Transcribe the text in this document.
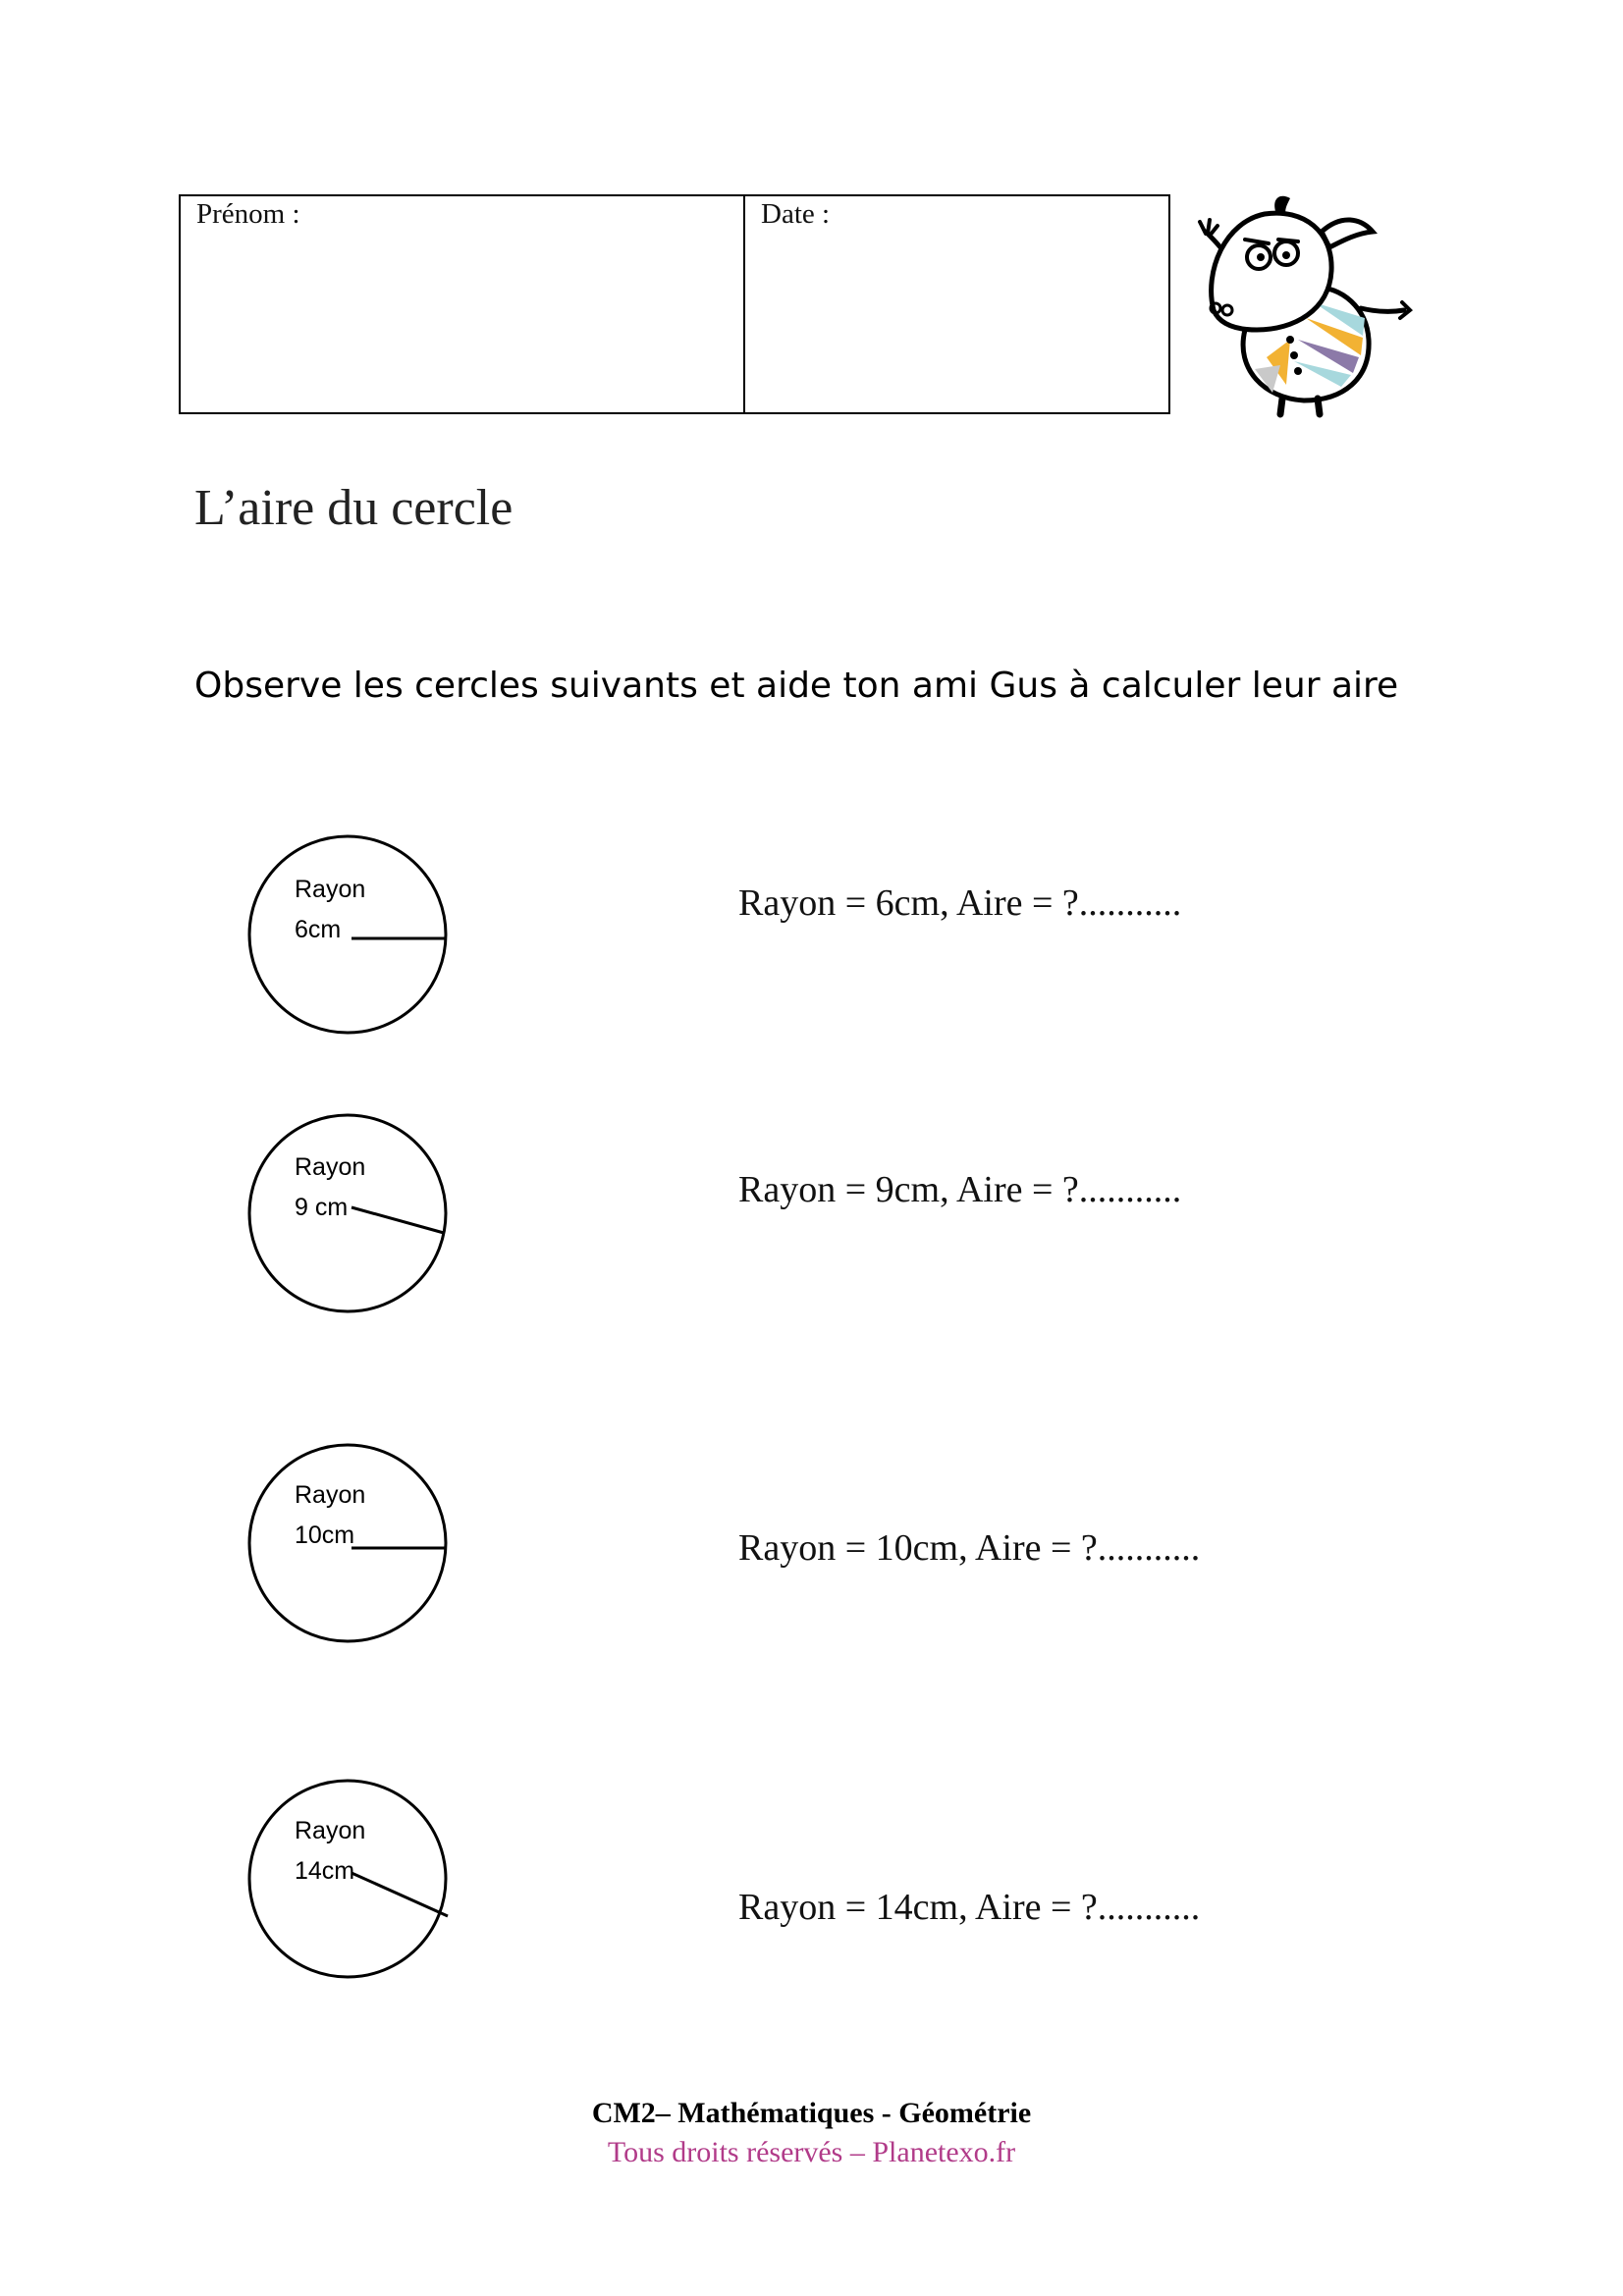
Prénom :	Date :
L’aire du cercle
Observe les cercles suivants et aide ton ami Gus à calculer leur aire
Rayon
6cm
Rayon = 6cm, Aire = ?...........
Rayon
9 cm	Rayon = 9cm, Aire = ?...........
Rayon
10cm	Rayon = 10cm, Aire = ?...........
Rayon
14cm
Rayon = 14cm, Aire = ?...........
CM2– Mathématiques - Géométrie
Tous droits réservés – Planetexo.fr
